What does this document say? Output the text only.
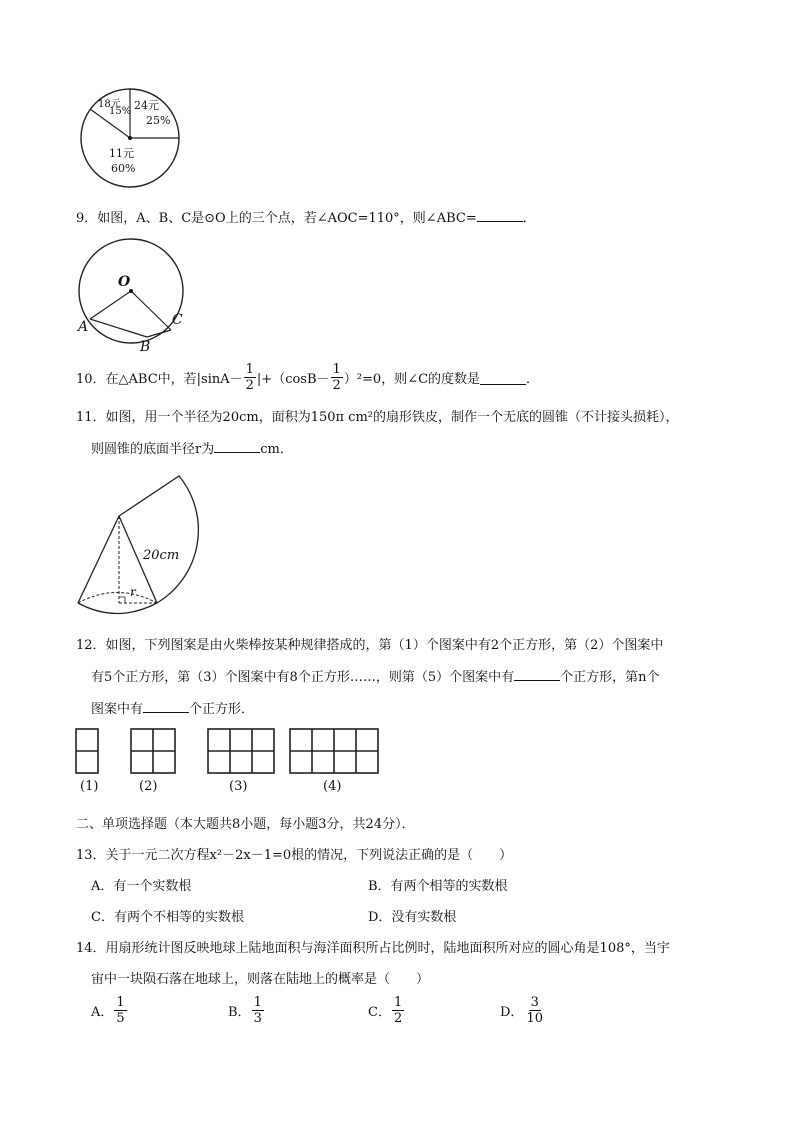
18元
15% 24元
25%
11元
60%
9．如图，A、B、C是⊙O上的三个点，若∠AOC=110°，则∠ABC=	．
O
A
B
C
10．在△ABC中，若$|\sin A- \frac{1}{2} |+(\cos B- \frac{1}{2} )^2=0$，则∠C的度数是	．
11．如图，用一个半径为20cm，面积为150π cm²的扇形铁皮，制作一个无底的圆锥（不计接头损耗），
则圆锥的底面半径r为	cm．
20cm
r
12．如图，下列图案是由火柴棒按某种规律搭成的，第（1）个图案中有2个正方形，第（2）个图案中
有5个正方形，第（3）个图案中有8个正方形……，则第（5）个图案中有	个正方形，第n个
图案中有	个正方形．
(1)	(2)	(3)	(4)
二、单项选择题（本大题共8小题，每小题3分，共24分）．
13．关于一元二次方程x²－2x－1=0根的情况，下列说法正确的是（　　）
A．有一个实数根	B．有两个相等的实数根
C．有两个不相等的实数根	D．没有实数根
14．用扇形统计图反映地球上陆地面积与海洋面积所占比例时，陆地面积所对应的圆心角是108°，当宇
宙中一块陨石落在地球上，则落在陆地上的概率是（　　）
A． $\frac{1}{5}$	B． $\frac{1}{3}$	C． $\frac{1}{2}$	D． $\frac{3}{10}$
